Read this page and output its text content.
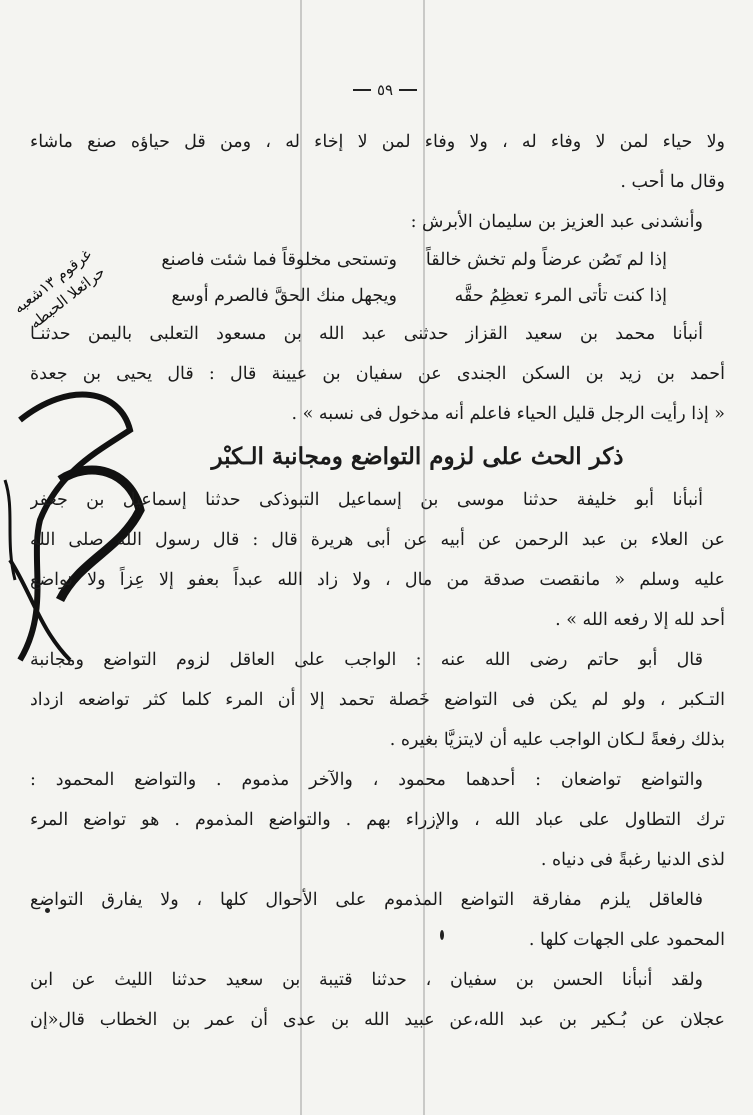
٥٩
غرقوم ١٣شعبه
حرائعلا الحبطه
ولا حياء لمن لا وفاء له ، ولا وفاء لمن لا إخاء له ، ومن قل حياؤه صنع ماشاء
وقال ما أحب .
وأنشدنى عبد العزيز بن سليمان الأبرش :
إذا لم تَصُن عرضاً ولم تخش خالقاً
وتستحى مخلوقاً فما شئت فاصنع
إذا كنت تأتى المرء تعظِمُ حقَّه
ويجهل منك الحقَّ فالصرم أوسع
أنبأنا محمد بن سعيد القزاز حدثنى عبد الله بن مسعود التعلبى باليمن حدثنـا
أحمد بن زيد بن السكن الجندى عن سفيان بن عيينة قال : قال يحيى بن جعدة
« إذا رأيت الرجل قليل الحياء فاعلم أنه مدخول فى نسبه » .
ذكر الحث على لزوم التواضع ومجانبة الـكبْر
أنبأنا أبو خليفة حدثنا موسى بن إسماعيل التبوذكى حدثنا إسماعيل بن جعفر
عن العلاء بن عبد الرحمن عن أبيه عن أبى هريرة قال : قال رسول الله صلى الله
عليه وسلم « مانقصت صدقة من مال ، ولا زاد الله عبداً بعفو إلا عِزاً ولا تواضع
أحد لله إلا رفعه الله » .
قال أبو حاتم رضى الله عنه : الواجب على العاقل لزوم التواضع ومجانبة
التـكبر ، ولو لم يكن فى التواضع خَصلة تحمد إلا أن المرء كلما كثر تواضعه ازداد
بذلك رفعةً لـكان الواجب عليه أن لايتزيَّا بغيره .
والتواضع تواضعان : أحدهما محمود ، والآخر مذموم . والتواضع المحمود :
ترك التطاول على عباد الله ، والإزراء بهم . والتواضع المذموم . هو تواضع المرء
لذى الدنيا رغبةً فى دنياه .
فالعاقل يلزم مفارقة التواضع المذموم على الأحوال كلها ، ولا يفارق التواضع
المحمود على الجهات كلها .
ولقد أنبأنا الحسن بن سفيان ، حدثنا قتيبة بن سعيد حدثنا الليث عن ابن
عجلان عن بُـكير بن عبد الله،عن عبيد الله بن عدى أن عمر بن الخطاب قال«إن
